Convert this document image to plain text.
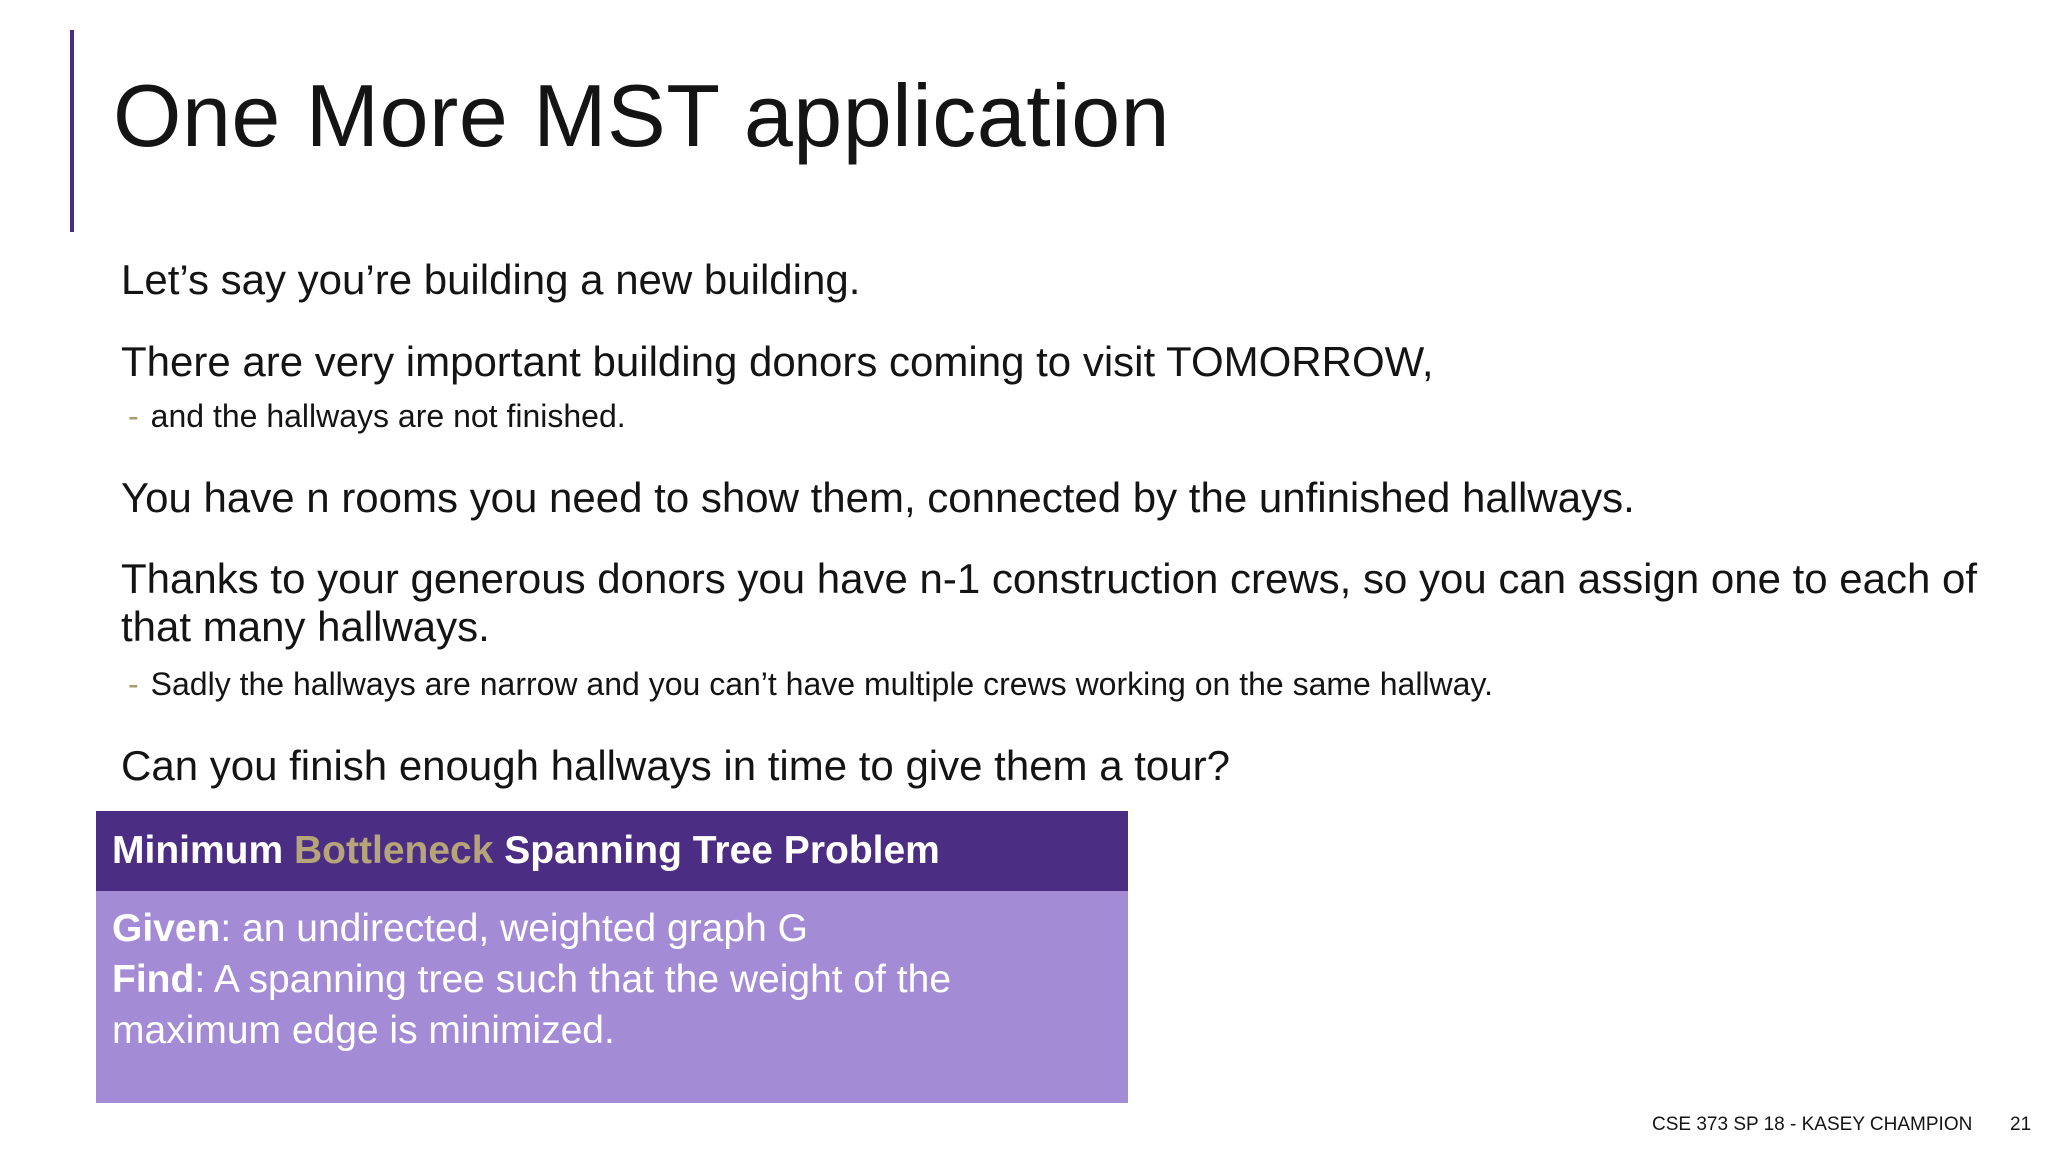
One More MST application

Let’s say you’re building a new building.

There are very important building donors coming to visit TOMORROW,

- and the hallways are not finished.

You have n rooms you need to show them, connected by the unfinished hallways.

Thanks to your generous donors you have n-1 construction crews, so you can assign one to each of that many hallways.

- Sadly the hallways are narrow and you can’t have multiple crews working on the same hallway.

Can you finish enough hallways in time to give them a tour?

Minimum Bottleneck Spanning Tree Problem
Given: an undirected, weighted graph G
Find: A spanning tree such that the weight of the maximum edge is minimized.
CSE 373 SP 18 - KASEY CHAMPION 21
